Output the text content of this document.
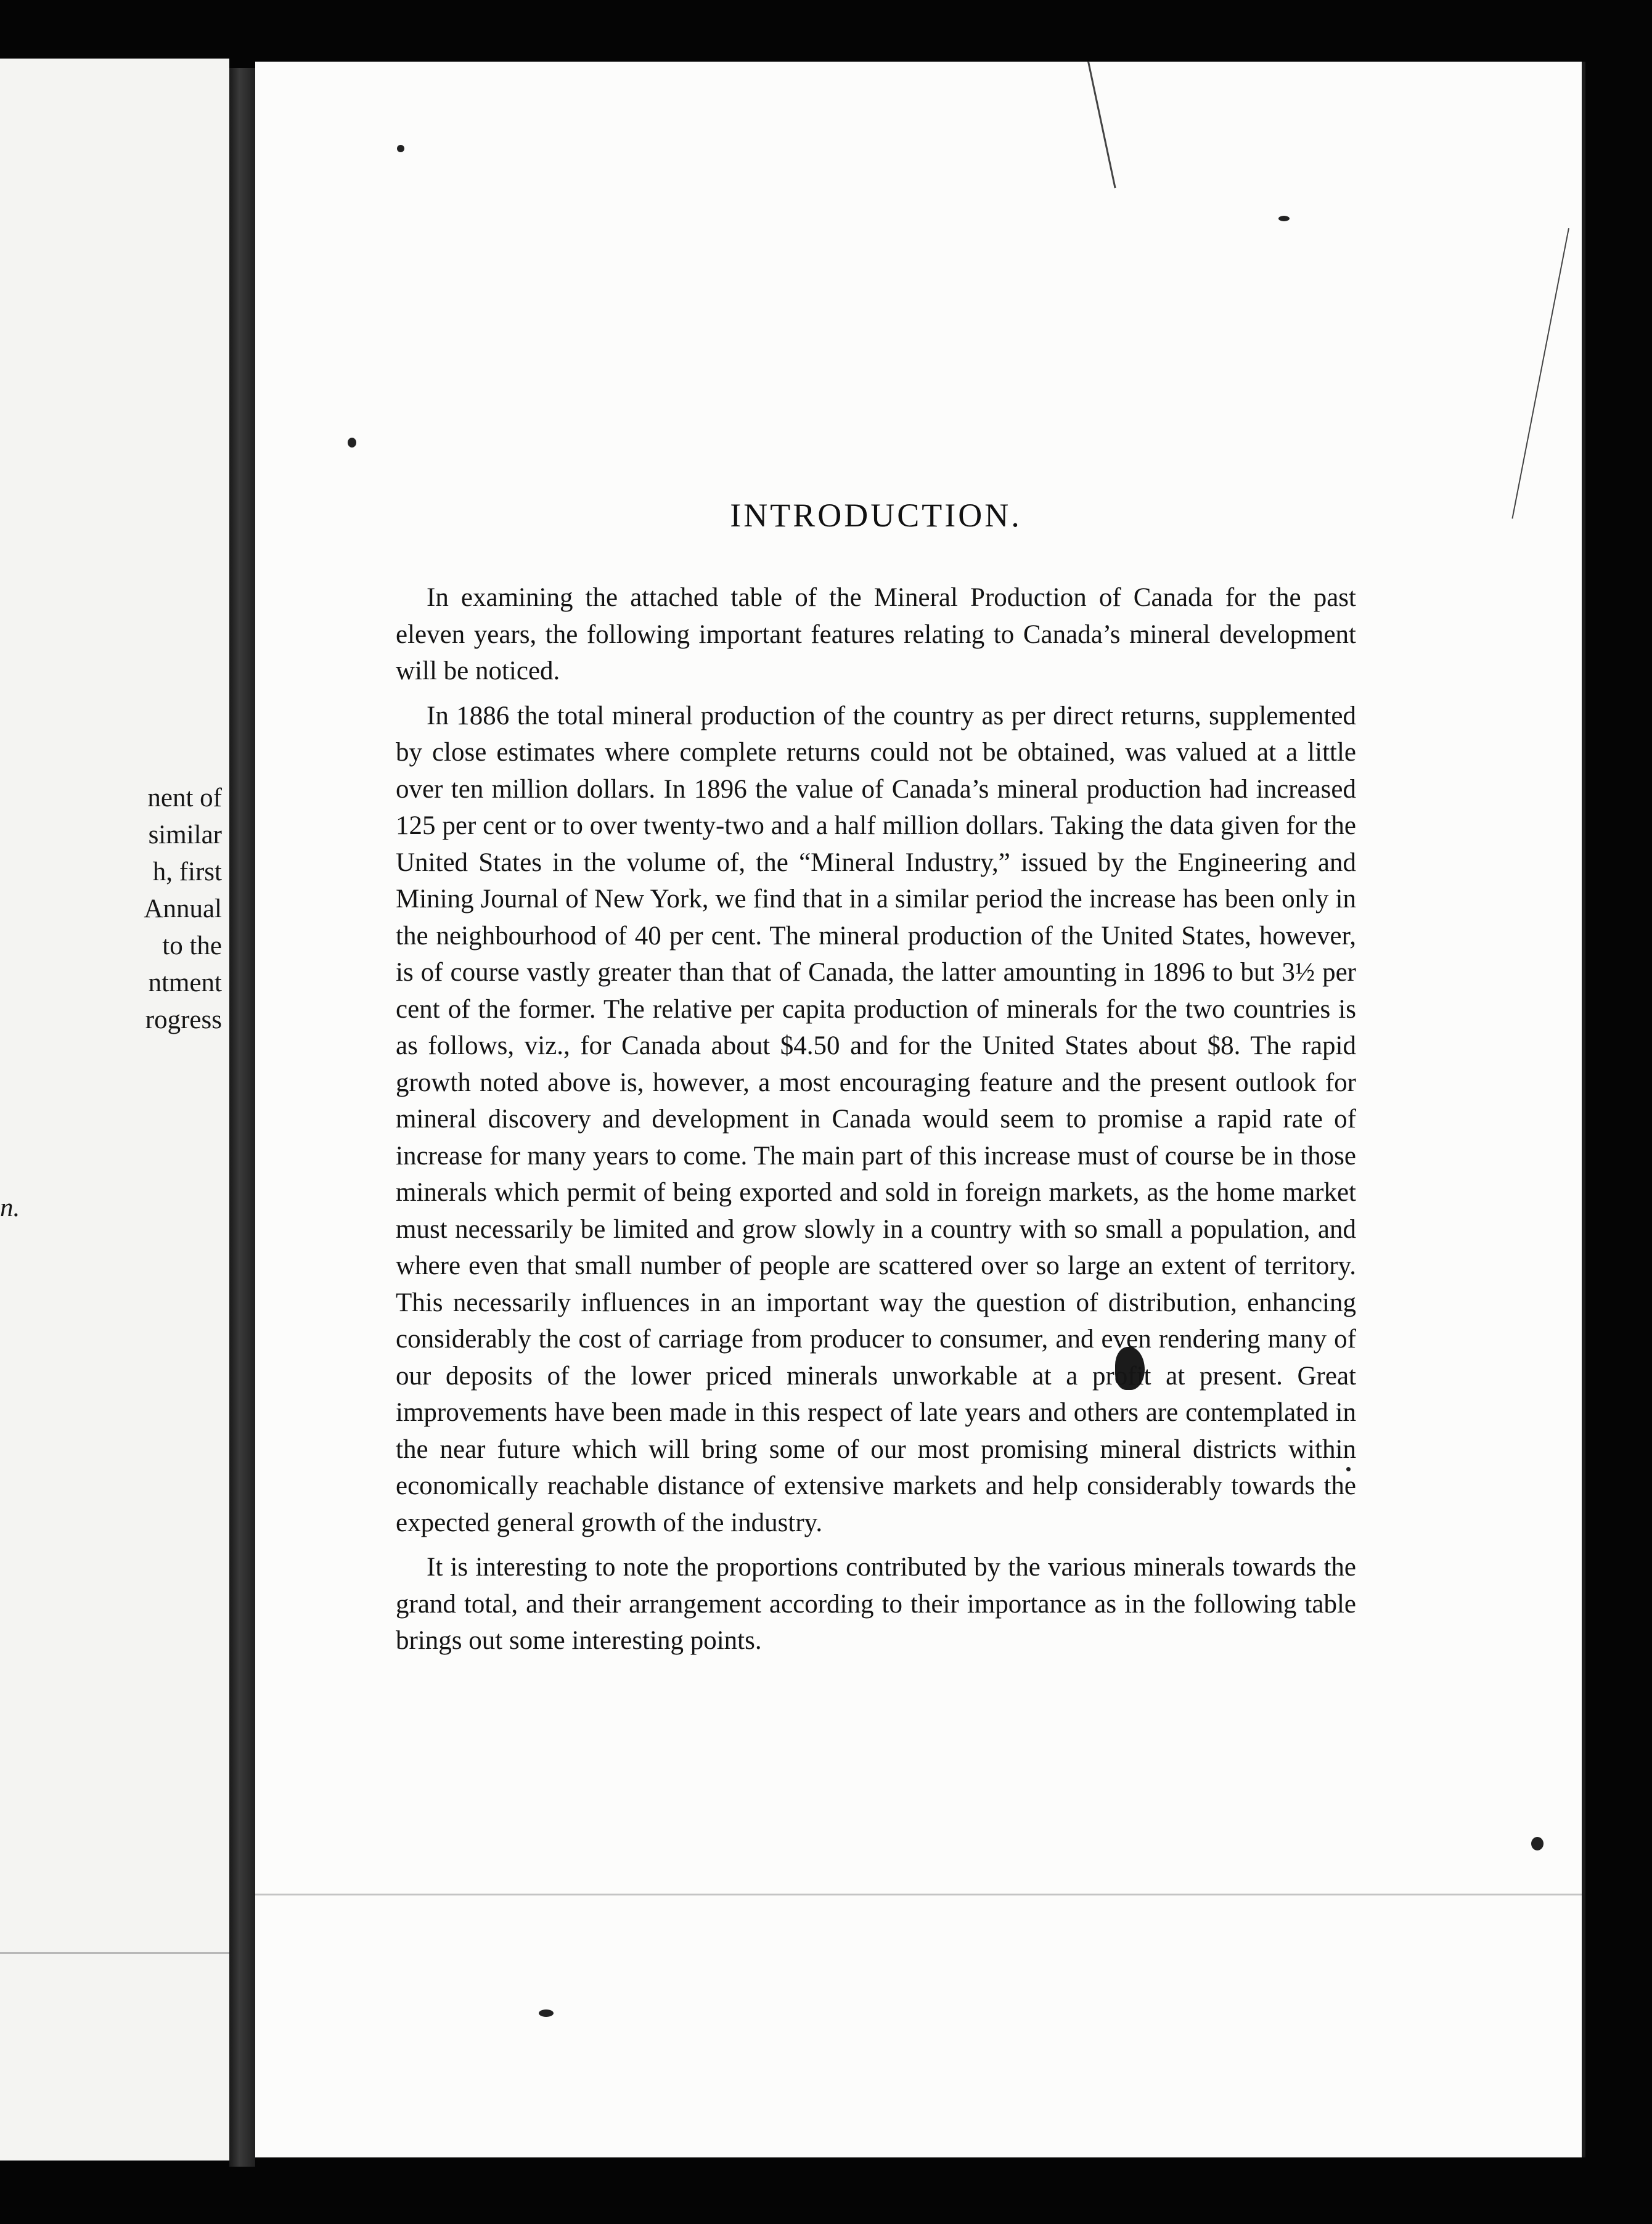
nent of
similar
h, first
Annual
to the
ntment
rogress
n.
INTRODUCTION.

In examining the attached table of the Mineral Production of Canada for the past eleven years, the following important features relating to Canada’s mineral development will be noticed.

In 1886 the total mineral production of the country as per direct returns, supplemented by close estimates where complete returns could not be obtained, was valued at a little over ten million dollars. In 1896 the value of Canada’s mineral production had increased 125 per cent or to over twenty-two and a half million dollars. Taking the data given for the United States in the volume of, the “Mineral Industry,” issued by the Engineering and Mining Journal of New York, we find that in a similar period the increase has been only in the neighbourhood of 40 per cent. The mineral production of the United States, however, is of course vastly greater than that of Canada, the latter amounting in 1896 to but 3½ per cent of the former. The relative per capita production of minerals for the two countries is as follows, viz., for Canada about $4.50 and for the United States about $8. The rapid growth noted above is, however, a most encouraging feature and the present outlook for mineral discovery and development in Canada would seem to promise a rapid rate of increase for many years to come. The main part of this increase must of course be in those minerals which permit of being exported and sold in foreign markets, as the home market must necessarily be limited and grow slowly in a country with so small a population, and where even that small number of people are scattered over so large an extent of territory. This necessarily influences in an important way the question of distribution, enhancing considerably the cost of carriage from producer to consumer, and even rendering many of our deposits of the lower priced minerals unworkable at a profit at present. Great improvements have been made in this respect of late years and others are contemplated in the near future which will bring some of our most promising mineral districts within economically reachable distance of extensive markets and help considerably towards the expected general growth of the industry.

It is interesting to note the proportions contributed by the various minerals towards the grand total, and their arrangement according to their importance as in the following table brings out some interesting points.
